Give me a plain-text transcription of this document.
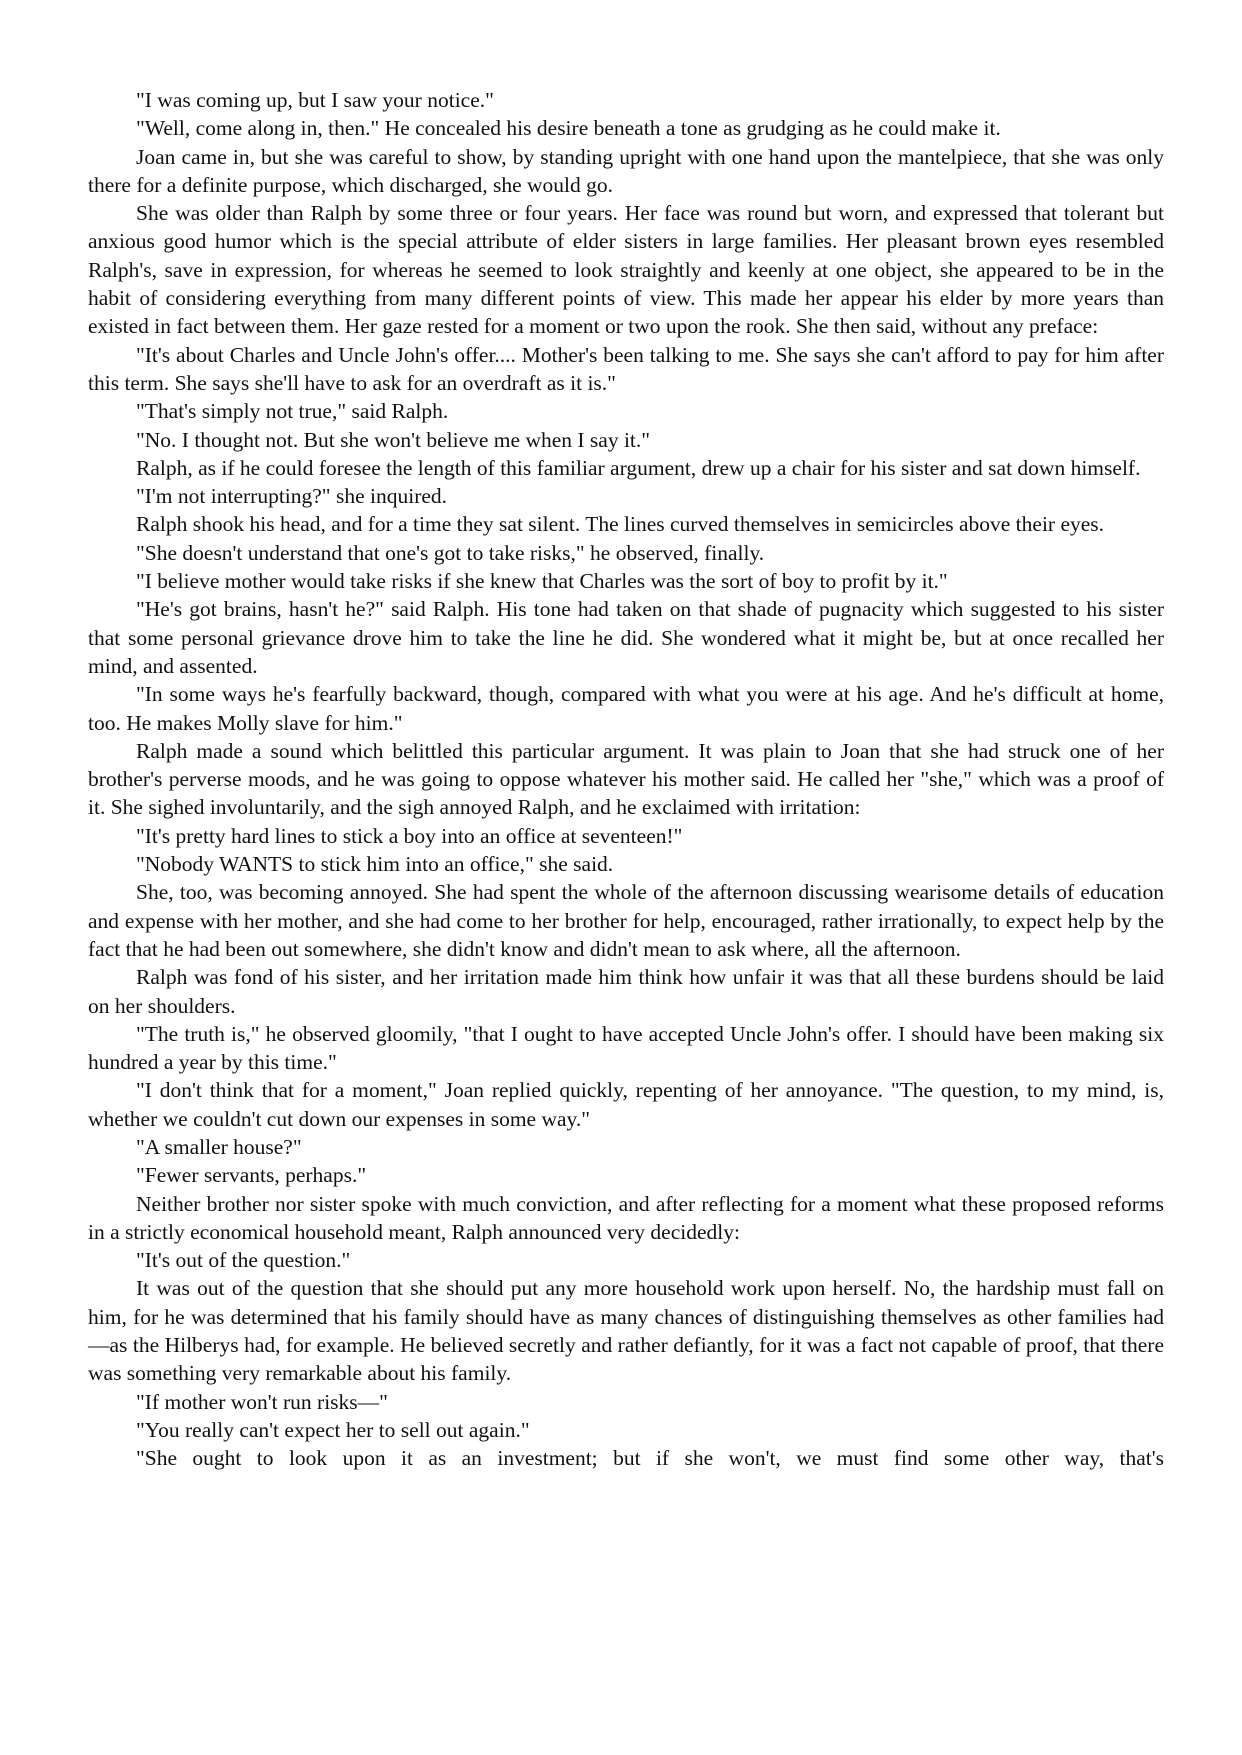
"I was coming up, but I saw your notice."

"Well, come along in, then." He concealed his desire beneath a tone as grudging as he could make it.

Joan came in, but she was careful to show, by standing upright with one hand upon the mantelpiece, that she was only there for a definite purpose, which discharged, she would go.

She was older than Ralph by some three or four years. Her face was round but worn, and expressed that tolerant but anxious good humor which is the special attribute of elder sisters in large families. Her pleasant brown eyes resembled Ralph's, save in expression, for whereas he seemed to look straightly and keenly at one object, she appeared to be in the habit of considering everything from many different points of view. This made her appear his elder by more years than existed in fact between them. Her gaze rested for a moment or two upon the rook. She then said, without any preface:

"It's about Charles and Uncle John's offer.... Mother's been talking to me. She says she can't afford to pay for him after this term. She says she'll have to ask for an overdraft as it is."

"That's simply not true," said Ralph.

"No. I thought not. But she won't believe me when I say it."

Ralph, as if he could foresee the length of this familiar argument, drew up a chair for his sister and sat down himself.

"I'm not interrupting?" she inquired.

Ralph shook his head, and for a time they sat silent. The lines curved themselves in semicircles above their eyes.

"She doesn't understand that one's got to take risks," he observed, finally.

"I believe mother would take risks if she knew that Charles was the sort of boy to profit by it."

"He's got brains, hasn't he?" said Ralph. His tone had taken on that shade of pugnacity which suggested to his sister that some personal grievance drove him to take the line he did. She wondered what it might be, but at once recalled her mind, and assented.

"In some ways he's fearfully backward, though, compared with what you were at his age. And he's difficult at home, too. He makes Molly slave for him."

Ralph made a sound which belittled this particular argument. It was plain to Joan that she had struck one of her brother's perverse moods, and he was going to oppose whatever his mother said. He called her "she," which was a proof of it. She sighed involuntarily, and the sigh annoyed Ralph, and he exclaimed with irritation:

"It's pretty hard lines to stick a boy into an office at seventeen!"

"Nobody WANTS to stick him into an office," she said.

She, too, was becoming annoyed. She had spent the whole of the afternoon discussing wearisome details of education and expense with her mother, and she had come to her brother for help, encouraged, rather irrationally, to expect help by the fact that he had been out somewhere, she didn't know and didn't mean to ask where, all the afternoon.

Ralph was fond of his sister, and her irritation made him think how unfair it was that all these burdens should be laid on her shoulders.

"The truth is," he observed gloomily, "that I ought to have accepted Uncle John's offer. I should have been making six hundred a year by this time."

"I don't think that for a moment," Joan replied quickly, repenting of her annoyance. "The question, to my mind, is, whether we couldn't cut down our expenses in some way."

"A smaller house?"

"Fewer servants, perhaps."

Neither brother nor sister spoke with much conviction, and after reflecting for a moment what these proposed reforms in a strictly economical household meant, Ralph announced very decidedly:

"It's out of the question."

It was out of the question that she should put any more household work upon herself. No, the hardship must fall on him, for he was determined that his family should have as many chances of distinguishing themselves as other families had—as the Hilberys had, for example. He believed secretly and rather defiantly, for it was a fact not capable of proof, that there was something very remarkable about his family.

"If mother won't run risks—"

"You really can't expect her to sell out again."

"She ought to look upon it as an investment; but if she won't, we must find some other way, that's
